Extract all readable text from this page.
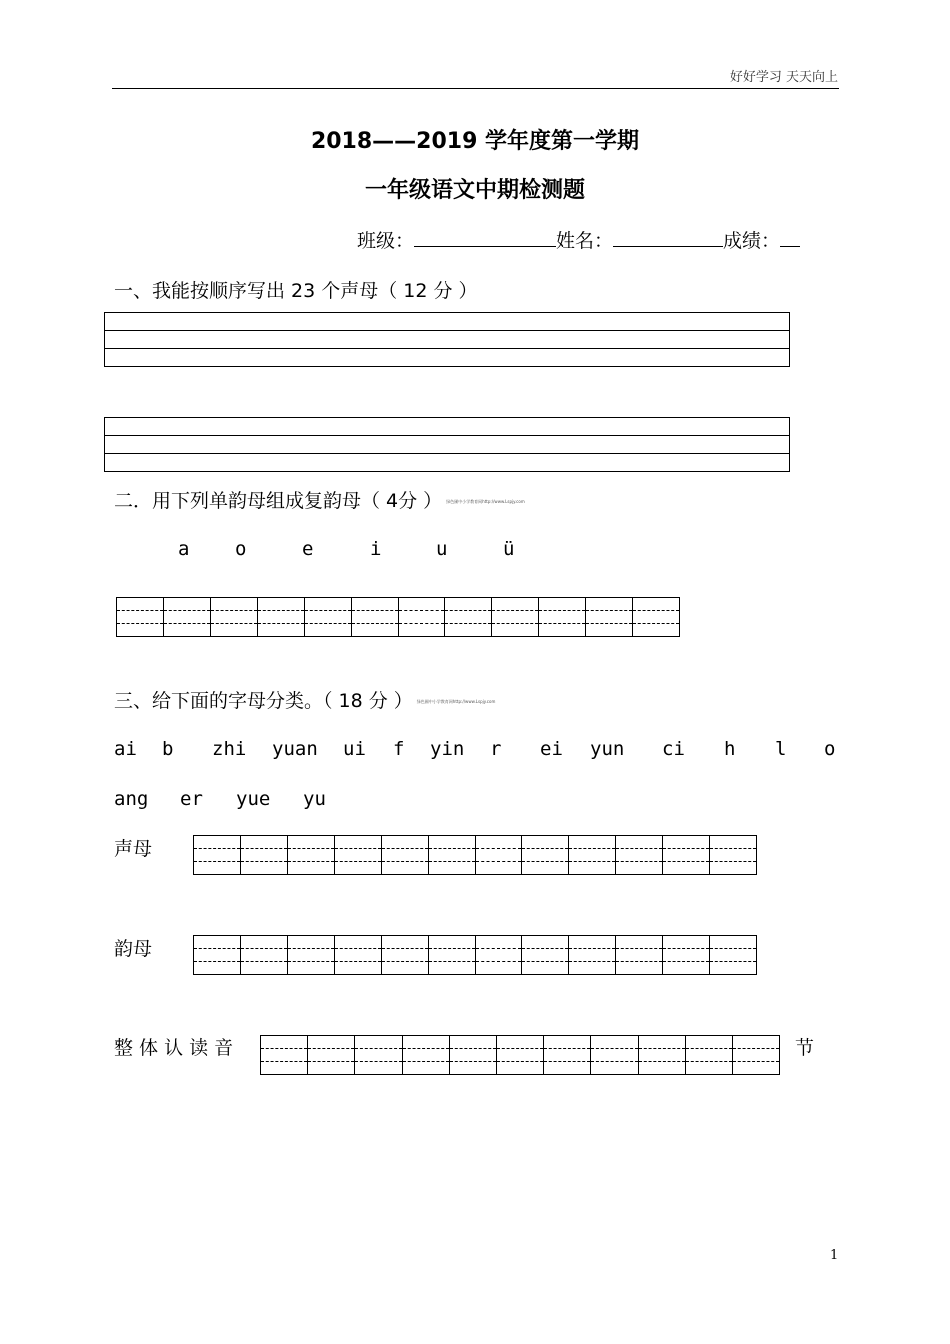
好好学习 天天向上
2018——2019 学年度第一学期
一年级语文中期检测题
班级：	姓名：	成绩：
一、我能按顺序写出 23 个声母（ 12 分 ）
二．用下列单韵母组成复韵母（ 4分 ） 绿色圃中小学教育网http://www.Lspjy.com
a o	e	i	u	ü
三、给下面的字母分类。（ 18 分 ） 绿色圃中小学教育网http://www.Lspjy.com
ai b zhi yuan ui f yin r ei yun ci h l o
ang er yue yu
声母
韵母
整 体 认 读 音	节
1
